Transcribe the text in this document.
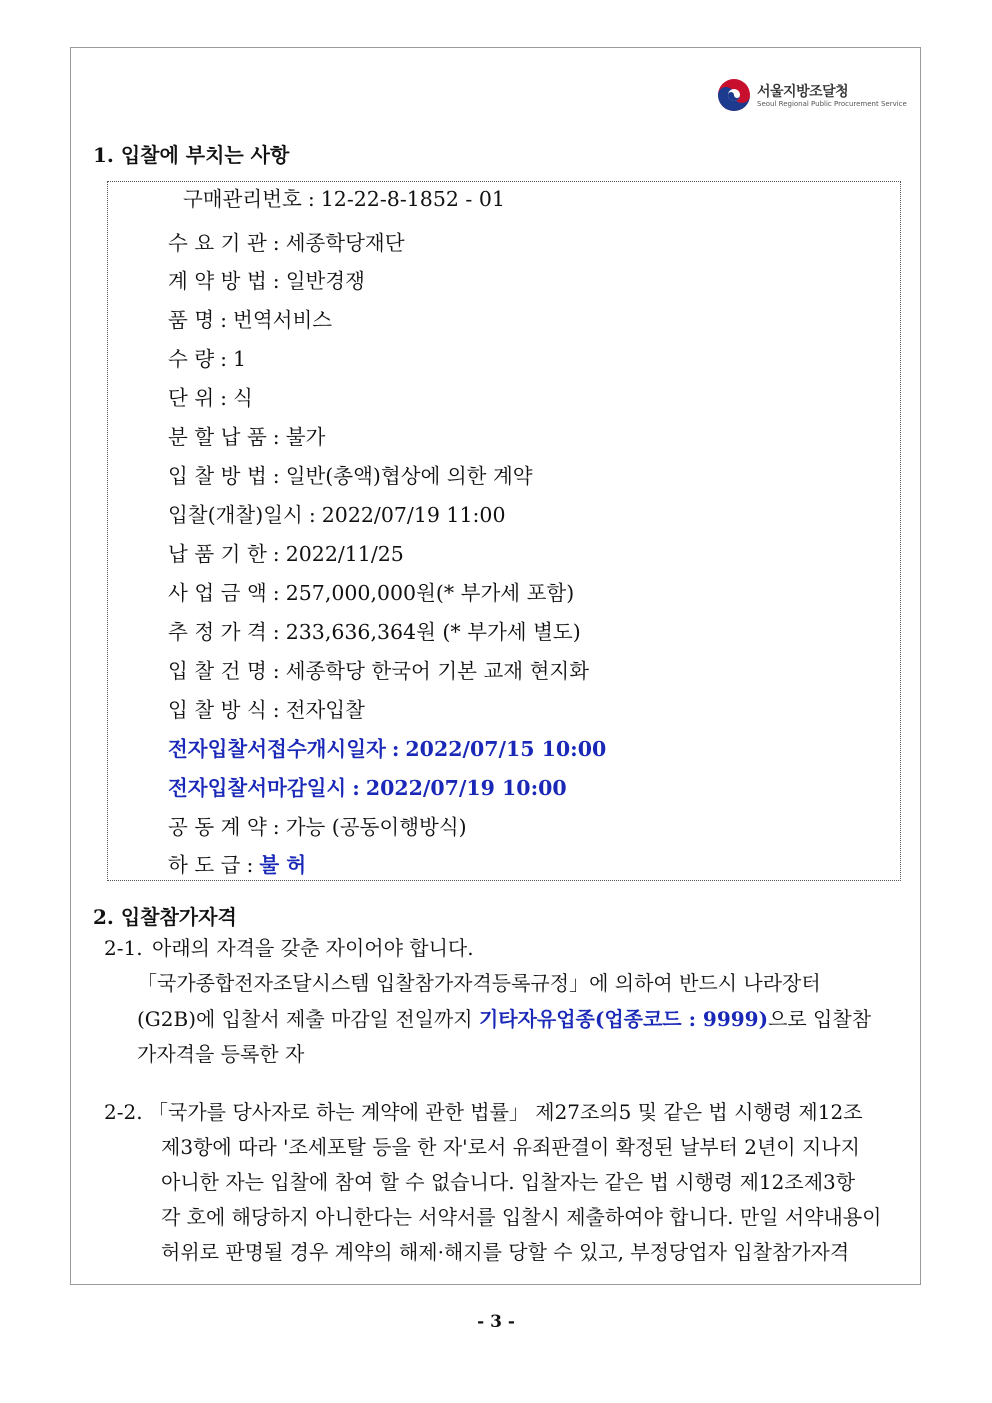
서울지방조달청
Seoul Regional Public Procurement Service
1. 입찰에 부치는 사항
구매관리번호 : 12-22-8-1852 - 01
수 요 기 관 : 세종학당재단
계 약 방 법 : 일반경쟁
품 명 : 번역서비스
수 량 : 1
단 위 : 식
분 할 납 품 : 불가
입 찰 방 법 : 일반(총액)협상에 의한 계약
입찰(개찰)일시 : 2022/07/19 11:00
납 품 기 한 : 2022/11/25
사 업 금 액 : 257,000,000원(* 부가세 포함)
추 정 가 격 : 233,636,364원 (* 부가세 별도)
입 찰 건 명 : 세종학당 한국어 기본 교재 현지화
입 찰 방 식 : 전자입찰
전자입찰서접수개시일자 : 2022/07/15 10:00
전자입찰서마감일시 : 2022/07/19 10:00
공 동 계 약 : 가능 (공동이행방식)
하 도 급 : 불 허
2. 입찰참가자격
2-1. 아래의 자격을 갖춘 자이어야 합니다.
「국가종합전자조달시스템 입찰참가자격등록규정」에 의하여 반드시 나라장터
(G2B)에 입찰서 제출 마감일 전일까지 기타자유업종(업종코드 : 9999)으로 입찰참
가자격을 등록한 자
2-2. 「국가를 당사자로 하는 계약에 관한 법률」 제27조의5 및 같은 법 시행령 제12조
제3항에 따라 '조세포탈 등을 한 자'로서 유죄판결이 확정된 날부터 2년이 지나지
아니한 자는 입찰에 참여 할 수 없습니다. 입찰자는 같은 법 시행령 제12조제3항
각 호에 해당하지 아니한다는 서약서를 입찰시 제출하여야 합니다. 만일 서약내용이
허위로 판명될 경우 계약의 해제·해지를 당할 수 있고, 부정당업자 입찰참가자격
- 3 -
